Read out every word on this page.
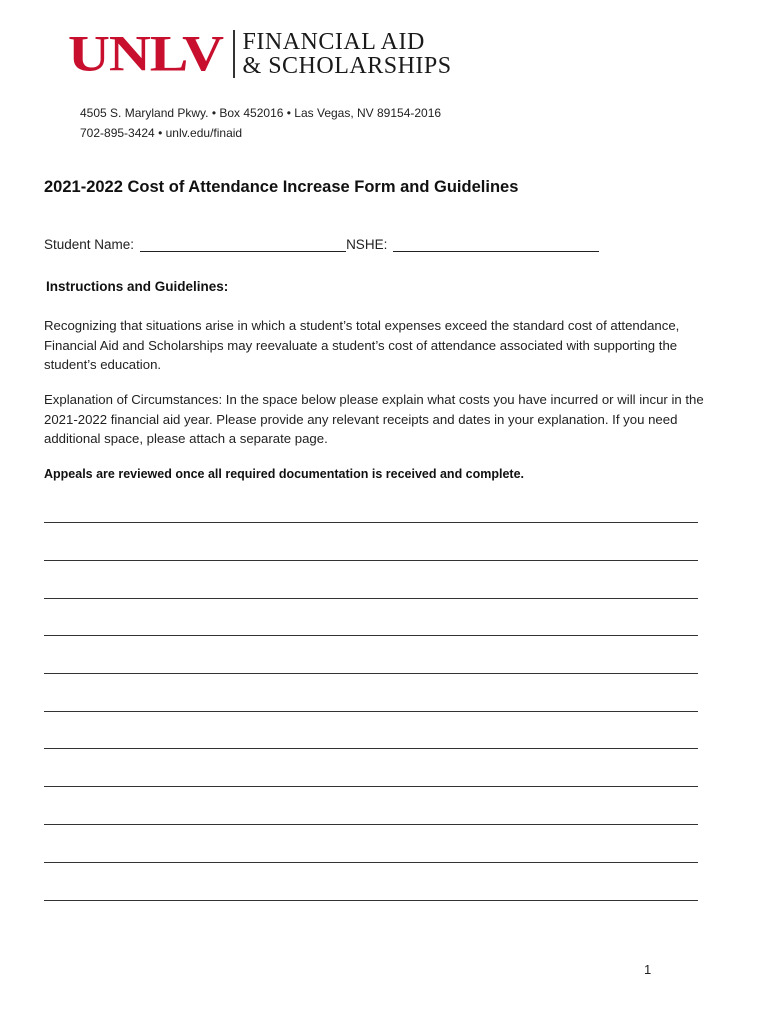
UNLV FINANCIAL AID
& SCHOLARSHIPS
4505 S. Maryland Pkwy. • Box 452016 • Las Vegas, NV 89154-2016
702-895-3424 • unlv.edu/finaid
2021-2022 Cost of Attendance Increase Form and Guidelines
Student Name:	NSHE:
Instructions and Guidelines:

Recognizing that situations arise in which a student’s total expenses exceed the standard cost of attendance, Financial Aid and Scholarships may reevaluate a student’s cost of attendance associated with supporting the student’s education.

Explanation of Circumstances: In the space below please explain what costs you have incurred or will incur in the 2021-2022 financial aid year. Please provide any relevant receipts and dates in your explanation. If you need additional space, please attach a separate page.

Appeals are reviewed once all required documentation is received and complete.
1
